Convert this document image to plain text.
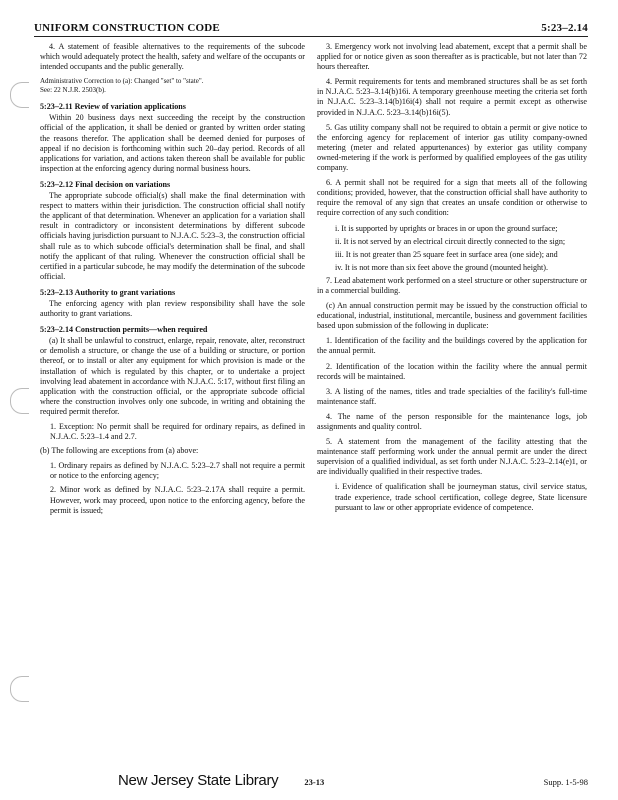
UNIFORM CONSTRUCTION CODE	5:23–2.14

4. A statement of feasible alternatives to the requirements of the subcode which would adequately protect the health, safety and welfare of the occupants or intended occupants and the public generally.

Administrative Correction to (a): Changed "set" to "state".
See: 22 N.J.R. 2503(b).

5:23–2.11 Review of variation applications

Within 20 business days next succeeding the receipt by the construction official of the application, it shall be denied or granted by written order stating the reasons therefor. The application shall be deemed denied for purposes of appeal if no decision is forthcoming within such 20–day period. Records of all applications for variation, and actions taken thereon shall be available for public inspection at the enforcing agency during normal business hours.

5:23–2.12 Final decision on variations

The appropriate subcode official(s) shall make the final determination with respect to matters within their jurisdiction. The construction official shall notify the applicant of that determination. Whenever an application for a variation shall result in contradictory or inconsistent determinations by different subcode officials having jurisdiction pursuant to N.J.A.C. 5:23–3, the construction official shall rule as to which subcode official's determination shall be final, and shall notify the applicant of that ruling. Whenever the construction official shall be certified in a particular subcode, he may modify the determination of the subcode official.

5:23–2.13 Authority to grant variations

The enforcing agency with plan review responsibility shall have the sole authority to grant variations.

5:23–2.14 Construction permits—when required

(a) It shall be unlawful to construct, enlarge, repair, renovate, alter, reconstruct or demolish a structure, or change the use of a building or structure, or portion thereof, or to install or alter any equipment for which provision is made or the installation of which is regulated by this chapter, or to undertake a project involving lead abatement in accordance with N.J.A.C. 5:17, without first filing an application with the construction official, or the appropriate subcode official where the construction involves only one subcode, in writing and obtaining the required permit therefor.

1. Exception: No permit shall be required for ordinary repairs, as defined in N.J.A.C. 5:23–1.4 and 2.7.

(b) The following are exceptions from (a) above:

1. Ordinary repairs as defined by N.J.A.C. 5:23–2.7 shall not require a permit or notice to the enforcing agency;

2. Minor work as defined by N.J.A.C. 5:23–2.17A shall require a permit. However, work may proceed, upon notice to the enforcing agency, before the permit is issued;

3. Emergency work not involving lead abatement, except that a permit shall be applied for or notice given as soon thereafter as is practicable, but not later than 72 hours thereafter.

4. Permit requirements for tents and membraned structures shall be as set forth in N.J.A.C. 5:23–3.14(b)16i. A temporary greenhouse meeting the criteria set forth in N.J.A.C. 5:23–3.14(b)16i(4) shall not require a permit except as otherwise provided in N.J.A.C. 5:23–3.14(b)16i(5).

5. Gas utility company shall not be required to obtain a permit or give notice to the enforcing agency for replacement of interior gas utility company-owned metering (meter and related appurtenances) by exterior gas utility company owned-metering if the work is performed by qualified employees of the gas utility company.

6. A permit shall not be required for a sign that meets all of the following conditions; provided, however, that the construction official shall have authority to require the removal of any sign that creates an unsafe condition or otherwise to require correction of any such condition:

i. It is supported by uprights or braces in or upon the ground surface;

ii. It is not served by an electrical circuit directly connected to the sign;

iii. It is not greater than 25 square feet in surface area (one side); and

iv. It is not more than six feet above the ground (mounted height).

7. Lead abatement work performed on a steel structure or other superstructure or in a commercial building.

(c) An annual construction permit may be issued by the construction official to educational, industrial, institutional, mercantile, business and government facilities based upon submission of the following in duplicate:

1. Identification of the facility and the buildings covered by the application for the annual permit.

2. Identification of the location within the facility where the annual permit records will be maintained.

3. A listing of the names, titles and trade specialties of the facility's full-time maintenance staff.

4. The name of the person responsible for the maintenance logs, job assignments and quality control.

5. A statement from the management of the facility attesting that the maintenance staff performing work under the annual permit are under the direct supervision of a qualified individual, as set forth under N.J.A.C. 5:23–2.14(e)1, or are individually qualified in their respective trades.

i. Evidence of qualification shall be journeyman status, civil service status, trade experience, trade school certification, college degree, State licensure pursuant to law or other appropriate evidence of competence.

New Jersey State Library	23-13	Supp. 1-5-98
